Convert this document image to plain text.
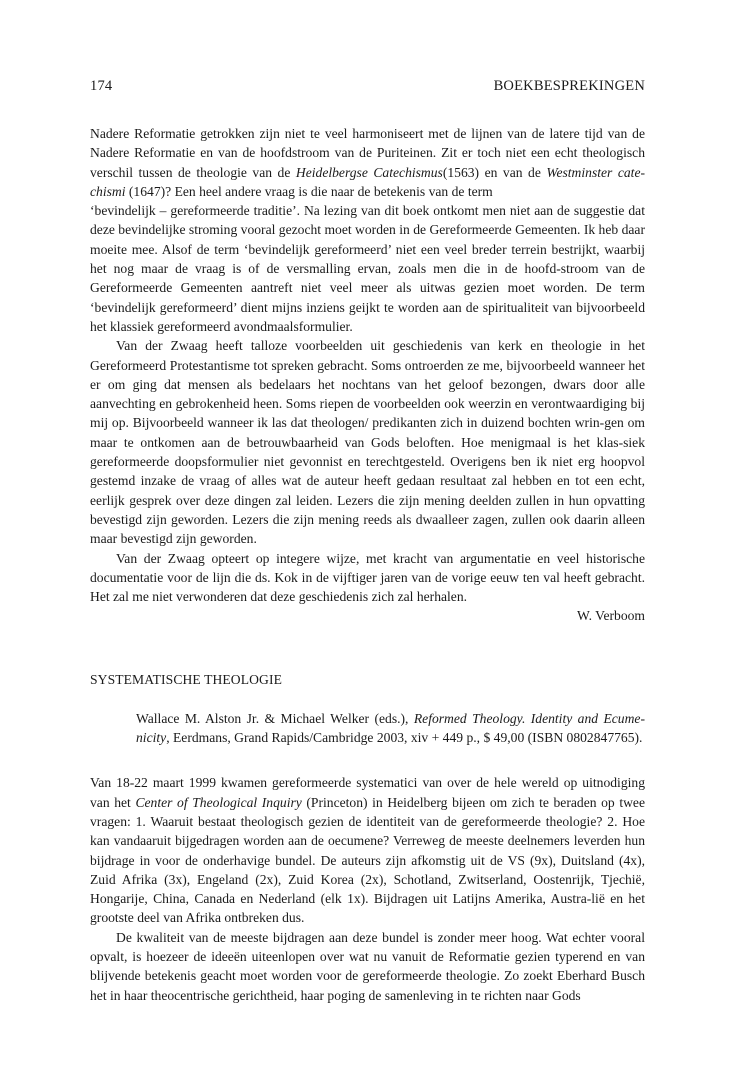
174	BOEKBESPREKINGEN

Nadere Reformatie getrokken zijn niet te veel harmoniseert met de lijnen van de latere tijd van de Nadere Reformatie en van de hoofdstroom van de Puriteinen. Zit er toch niet een echt theologisch verschil tussen de theologie van de Heidelbergse Catechismus(1563) en van de Westminster cate-chismi (1647)? Een heel andere vraag is die naar de betekenis van de term
‘bevindelijk – gereformeerde traditie’. Na lezing van dit boek ontkomt men niet aan de suggestie dat deze bevindelijke stroming vooral gezocht moet worden in de Gereformeerde Gemeenten. Ik heb daar moeite mee. Alsof de term ‘bevindelijk gereformeerd’ niet een veel breder terrein bestrijkt, waarbij het nog maar de vraag is of de versmalling ervan, zoals men die in de hoofd-stroom van de Gereformeerde Gemeenten aantreft niet veel meer als uitwas gezien moet worden. De term ‘bevindelijk gereformeerd’ dient mijns inziens geijkt te worden aan de spiritualiteit van bijvoorbeeld het klassiek gereformeerd avondmaalsformulier.

Van der Zwaag heeft talloze voorbeelden uit geschiedenis van kerk en theologie in het Gereformeerd Protestantisme tot spreken gebracht. Soms ontroerden ze me, bijvoorbeeld wanneer het er om ging dat mensen als bedelaars het nochtans van het geloof bezongen, dwars door alle aanvechting en gebrokenheid heen. Soms riepen de voorbeelden ook weerzin en verontwaardiging bij mij op. Bijvoorbeeld wanneer ik las dat theologen/ predikanten zich in duizend bochten wrin-gen om maar te ontkomen aan de betrouwbaarheid van Gods beloften. Hoe menigmaal is het klas-siek gereformeerde doopsformulier niet gevonnist en terechtgesteld. Overigens ben ik niet erg hoopvol gestemd inzake de vraag of alles wat de auteur heeft gedaan resultaat zal hebben en tot een echt, eerlijk gesprek over deze dingen zal leiden. Lezers die zijn mening deelden zullen in hun opvatting bevestigd zijn geworden. Lezers die zijn mening reeds als dwaalleer zagen, zullen ook daarin alleen maar bevestigd zijn geworden.

Van der Zwaag opteert op integere wijze, met kracht van argumentatie en veel historische documentatie voor de lijn die ds. Kok in de vijftiger jaren van de vorige eeuw ten val heeft gebracht. Het zal me niet verwonderen dat deze geschiedenis zich zal herhalen.

W. Verboom

SYSTEMATISCHE THEOLOGIE

Wallace M. Alston Jr. & Michael Welker (eds.), Reformed Theology. Identity and Ecume-nicity, Eerdmans, Grand Rapids/Cambridge 2003, xiv + 449 p., $ 49,00 (ISBN 0802847765).

Van 18-22 maart 1999 kwamen gereformeerde systematici van over de hele wereld op uitnodiging van het Center of Theological Inquiry (Princeton) in Heidelberg bijeen om zich te beraden op twee vragen: 1. Waaruit bestaat theologisch gezien de identiteit van de gereformeerde theologie? 2. Hoe kan vandaaruit bijgedragen worden aan de oecumene? Verreweg de meeste deelnemers leverden hun bijdrage in voor de onderhavige bundel. De auteurs zijn afkomstig uit de VS (9x), Duitsland (4x), Zuid Afrika (3x), Engeland (2x), Zuid Korea (2x), Schotland, Zwitserland, Oostenrijk, Tjechië, Hongarije, China, Canada en Nederland (elk 1x). Bijdragen uit Latijns Amerika, Austra-lië en het grootste deel van Afrika ontbreken dus.

De kwaliteit van de meeste bijdragen aan deze bundel is zonder meer hoog. Wat echter vooral opvalt, is hoezeer de ideeën uiteenlopen over wat nu vanuit de Reformatie gezien typerend en van blijvende betekenis geacht moet worden voor de gereformeerde theologie. Zo zoekt Eberhard Busch het in haar theocentrische gerichtheid, haar poging de samenleving in te richten naar Gods
